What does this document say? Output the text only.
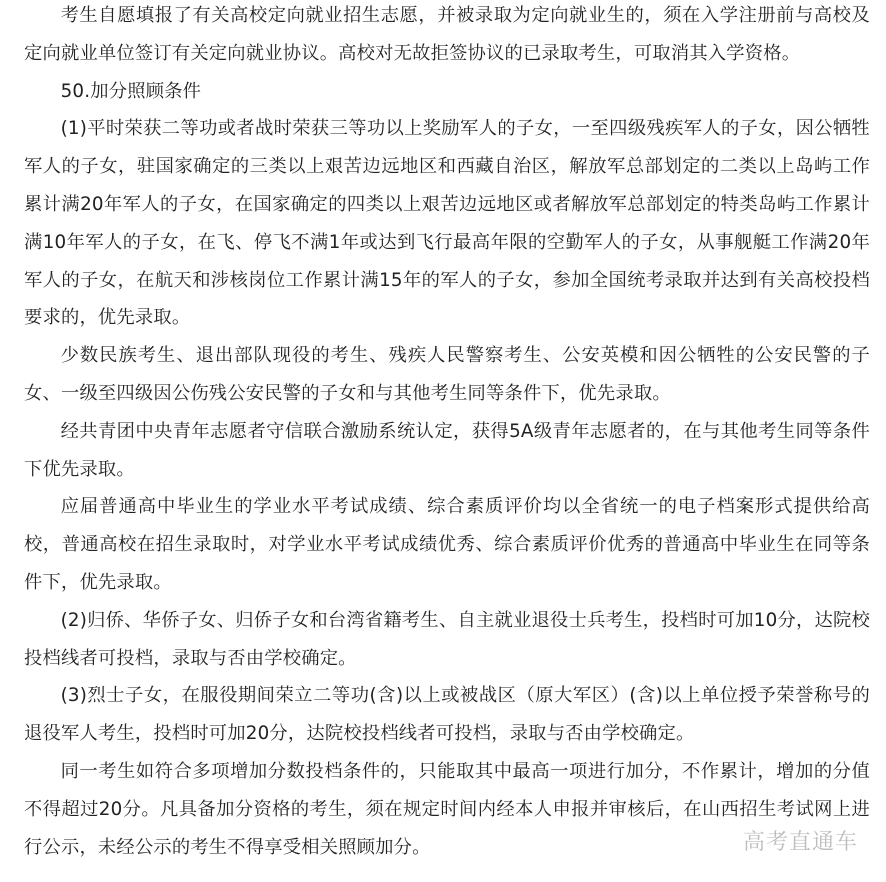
考生自愿填报了有关高校定向就业招生志愿，并被录取为定向就业生的，须在入学注册前与高校及定向就业单位签订有关定向就业协议。高校对无故拒签协议的已录取考生，可取消其入学资格。

50.加分照顾条件

(1)平时荣获二等功或者战时荣获三等功以上奖励军人的子女，一至四级残疾军人的子女，因公牺牲军人的子女，驻国家确定的三类以上艰苦边远地区和西藏自治区，解放军总部划定的二类以上岛屿工作累计满20年军人的子女，在国家确定的四类以上艰苦边远地区或者解放军总部划定的特类岛屿工作累计满10年军人的子女，在飞、停飞不满1年或达到飞行最高年限的空勤军人的子女，从事舰艇工作满20年军人的子女，在航天和涉核岗位工作累计满15年的军人的子女，参加全国统考录取并达到有关高校投档要求的，优先录取。

少数民族考生、退出部队现役的考生、残疾人民警察考生、公安英模和因公牺牲的公安民警的子女、一级至四级因公伤残公安民警的子女和与其他考生同等条件下，优先录取。

经共青团中央青年志愿者守信联合激励系统认定，获得5A级青年志愿者的，在与其他考生同等条件下优先录取。

应届普通高中毕业生的学业水平考试成绩、综合素质评价均以全省统一的电子档案形式提供给高校，普通高校在招生录取时，对学业水平考试成绩优秀、综合素质评价优秀的普通高中毕业生在同等条件下，优先录取。

(2)归侨、华侨子女、归侨子女和台湾省籍考生、自主就业退役士兵考生，投档时可加10分，达院校投档线者可投档，录取与否由学校确定。

(3)烈士子女，在服役期间荣立二等功(含)以上或被战区（原大军区）(含)以上单位授予荣誉称号的退役军人考生，投档时可加20分，达院校投档线者可投档，录取与否由学校确定。

同一考生如符合多项增加分数投档条件的，只能取其中最高一项进行加分，不作累计，增加的分值不得超过20分。凡具备加分资格的考生，须在规定时间内经本人申报并审核后，在山西招生考试网上进行公示，未经公示的考生不得享受相关照顾加分。	高考直通车
